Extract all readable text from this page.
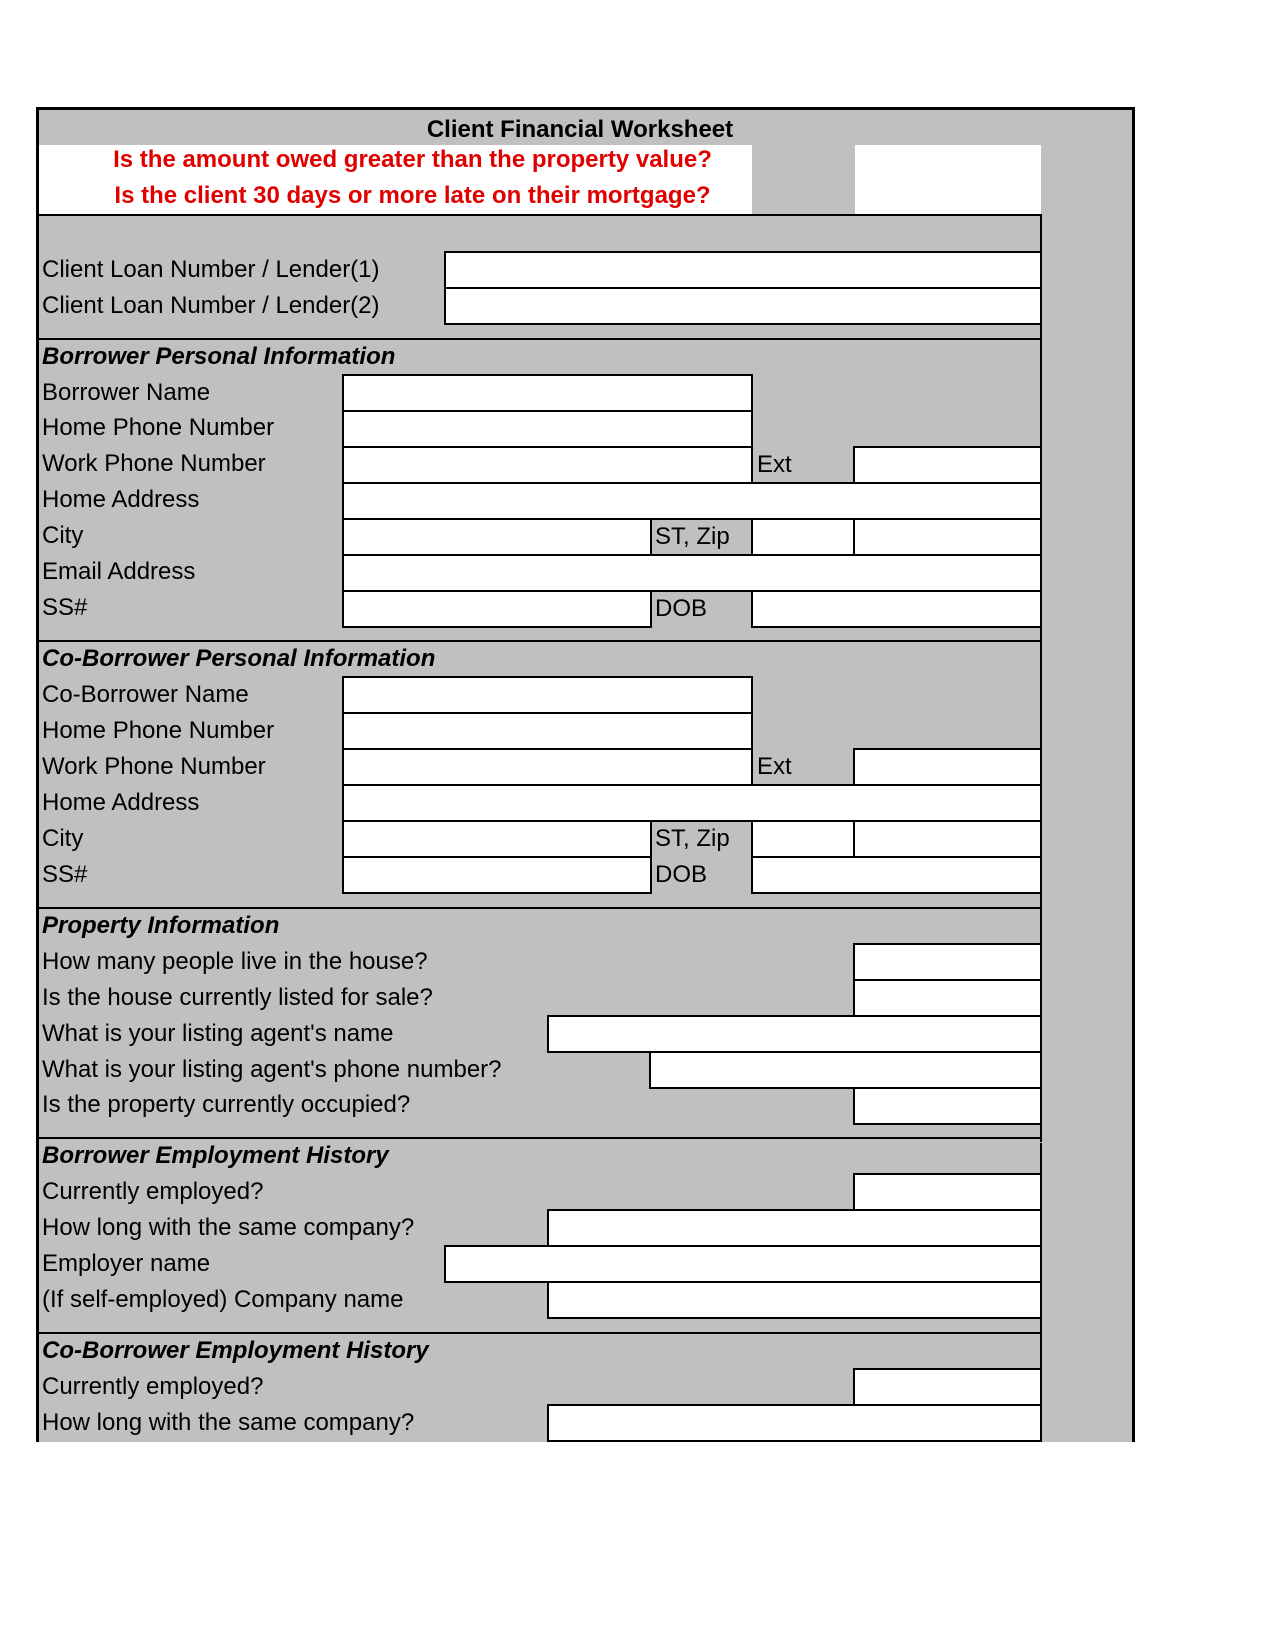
Client Financial Worksheet
Is the amount owed greater than the property value?
Is the client 30 days or more late on their mortgage?
Client Loan Number / Lender(1)
Client Loan Number / Lender(2)
Borrower Personal Information
Borrower Name
Home Phone Number
Work Phone Number
Home Address
City
Email Address
SS#
Ext
ST, Zip
DOB
Co-Borrower Personal Information
Co-Borrower Name
Home Phone Number
Work Phone Number
Home Address
City
SS#
Ext
ST, Zip
DOB
Property Information
How many people live in the house?
Is the house currently listed for sale?
What is your listing agent's name
What is your listing agent's phone number?
Is the property currently occupied?
Borrower Employment History
Currently employed?
How long with the same company?
Employer name
(If self-employed) Company name
Co-Borrower Employment History
Currently employed?
How long with the same company?
